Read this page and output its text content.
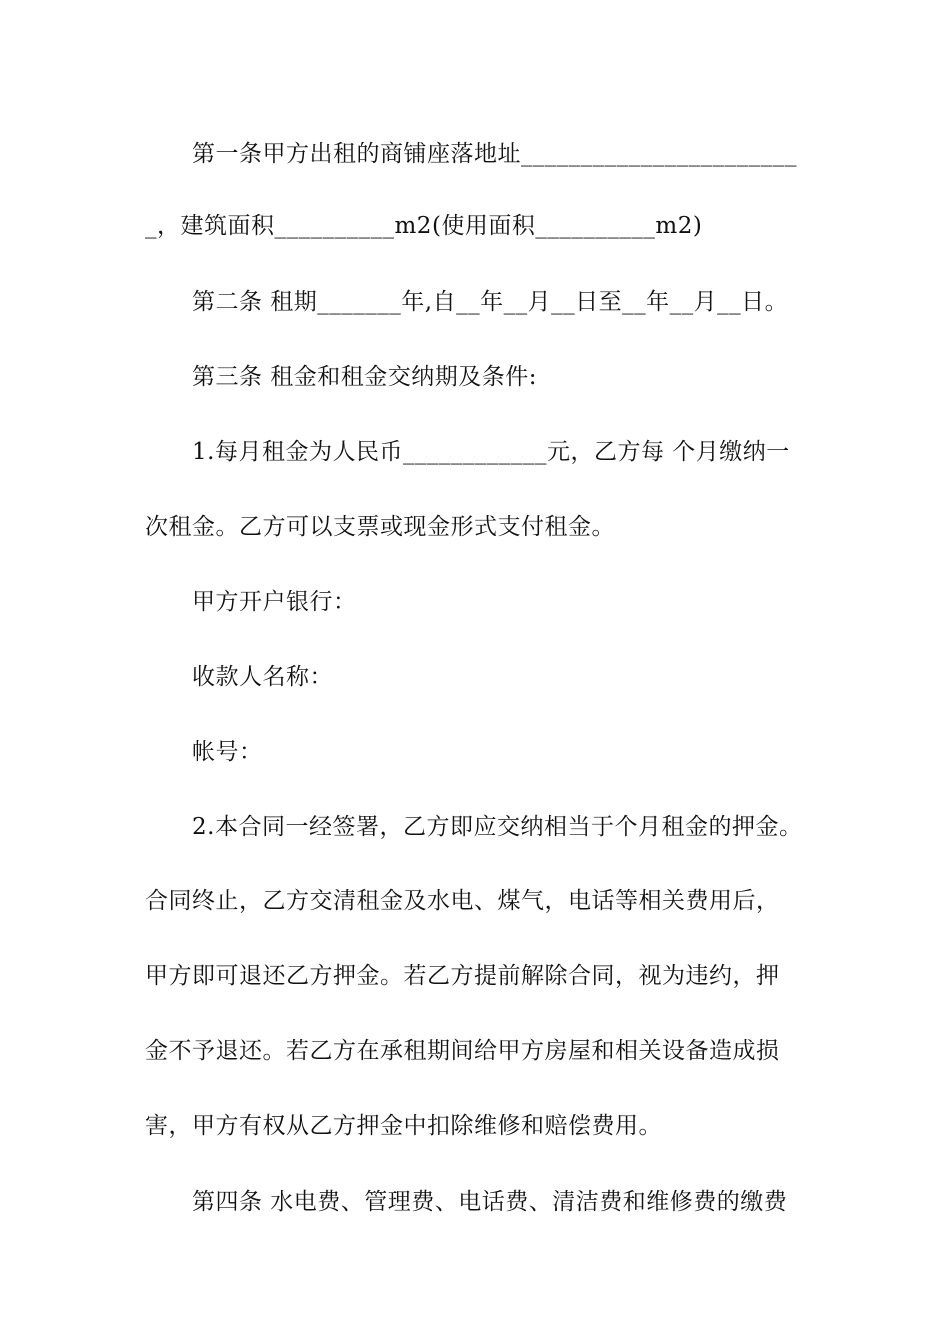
第一条甲方出租的商铺座落地址_______________________
_，建筑面积__________m2(使用面积__________m2)
第二条 租期_______年,自__年__月__日至__年__月__日。
第三条 租金和租金交纳期及条件:
1.每月租金为人民币____________元，乙方每 个月缴纳一
次租金。乙方可以支票或现金形式支付租金。
甲方开户银行：
收款人名称：
帐号：
2.本合同一经签署，乙方即应交纳相当于个月租金的押金。
合同终止，乙方交清租金及水电、煤气，电话等相关费用后，
甲方即可退还乙方押金。若乙方提前解除合同，视为违约，押
金不予退还。若乙方在承租期间给甲方房屋和相关设备造成损
害，甲方有权从乙方押金中扣除维修和赔偿费用。
第四条 水电费、管理费、电话费、清洁费和维修费的缴费
